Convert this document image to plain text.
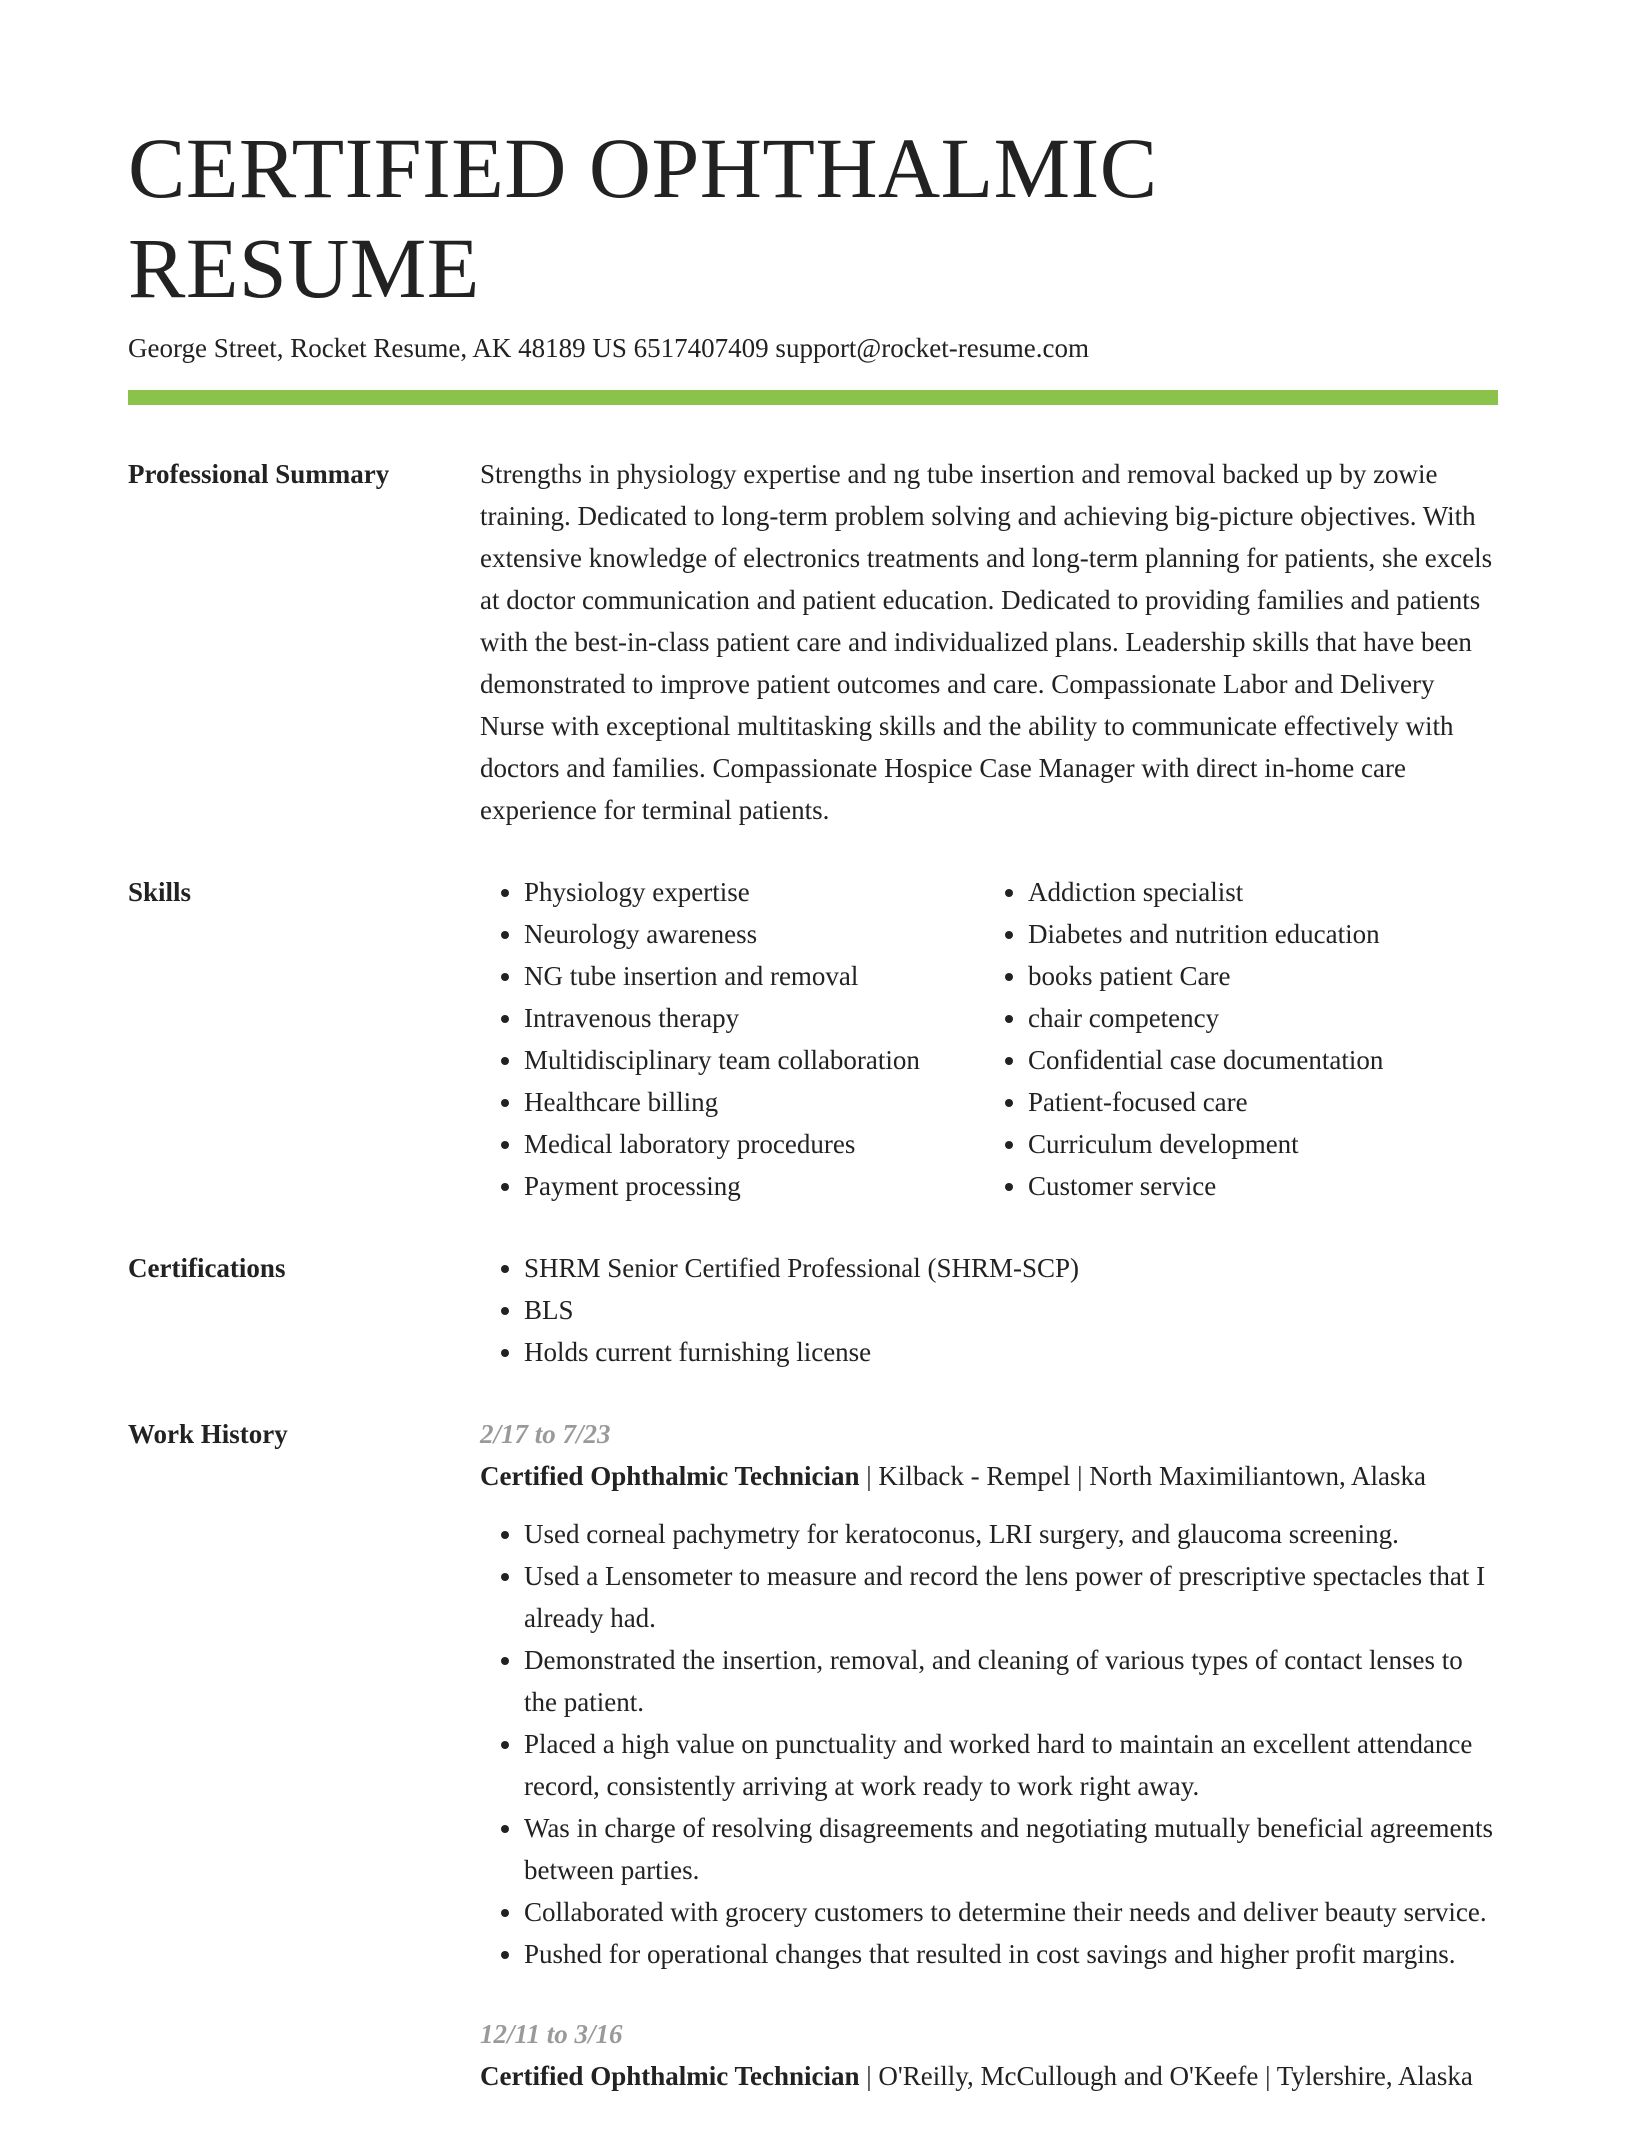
CERTIFIED OPHTHALMIC RESUME
George Street, Rocket Resume, AK 48189 US 6517407409 support@rocket-resume.com
Professional Summary	Strengths in physiology expertise and ng tube insertion and removal backed up by zowie training. Dedicated to long-term problem solving and achieving big-picture objectives. With extensive knowledge of electronics treatments and long-term planning for patients, she excels at doctor communication and patient education. Dedicated to providing families and patients with the best-in-class patient care and individualized plans. Leadership skills that have been demonstrated to improve patient outcomes and care. Compassionate Labor and Delivery Nurse with exceptional multitasking skills and the ability to communicate effectively with doctors and families. Compassionate Hospice Case Manager with direct in-home care experience for terminal patients.

Skills	• Physiology expertise
• Neurology awareness
• NG tube insertion and removal
• Intravenous therapy
• Multidisciplinary team collaboration
• Healthcare billing
• Medical laboratory procedures
• Payment processing
• Addiction specialist
• Diabetes and nutrition education
• books patient Care
• chair competency
• Confidential case documentation
• Patient-focused care
• Curriculum development
• Customer service
Certifications	• SHRM Senior Certified Professional (SHRM-SCP)
• BLS
• Holds current furnishing license
Work History	2/17 to 7/23
Certified Ophthalmic Technician | Kilback - Rempel | North Maximiliantown, Alaska
• Used corneal pachymetry for keratoconus, LRI surgery, and glaucoma screening.
• Used a Lensometer to measure and record the lens power of prescriptive spectacles that I already had.
• Demonstrated the insertion, removal, and cleaning of various types of contact lenses to the patient.
• Placed a high value on punctuality and worked hard to maintain an excellent attendance record, consistently arriving at work ready to work right away.
• Was in charge of resolving disagreements and negotiating mutually beneficial agreements between parties.
• Collaborated with grocery customers to determine their needs and deliver beauty service.
• Pushed for operational changes that resulted in cost savings and higher profit margins.
12/11 to 3/16
Certified Ophthalmic Technician | O'Reilly, McCullough and O'Keefe | Tylershire, Alaska
